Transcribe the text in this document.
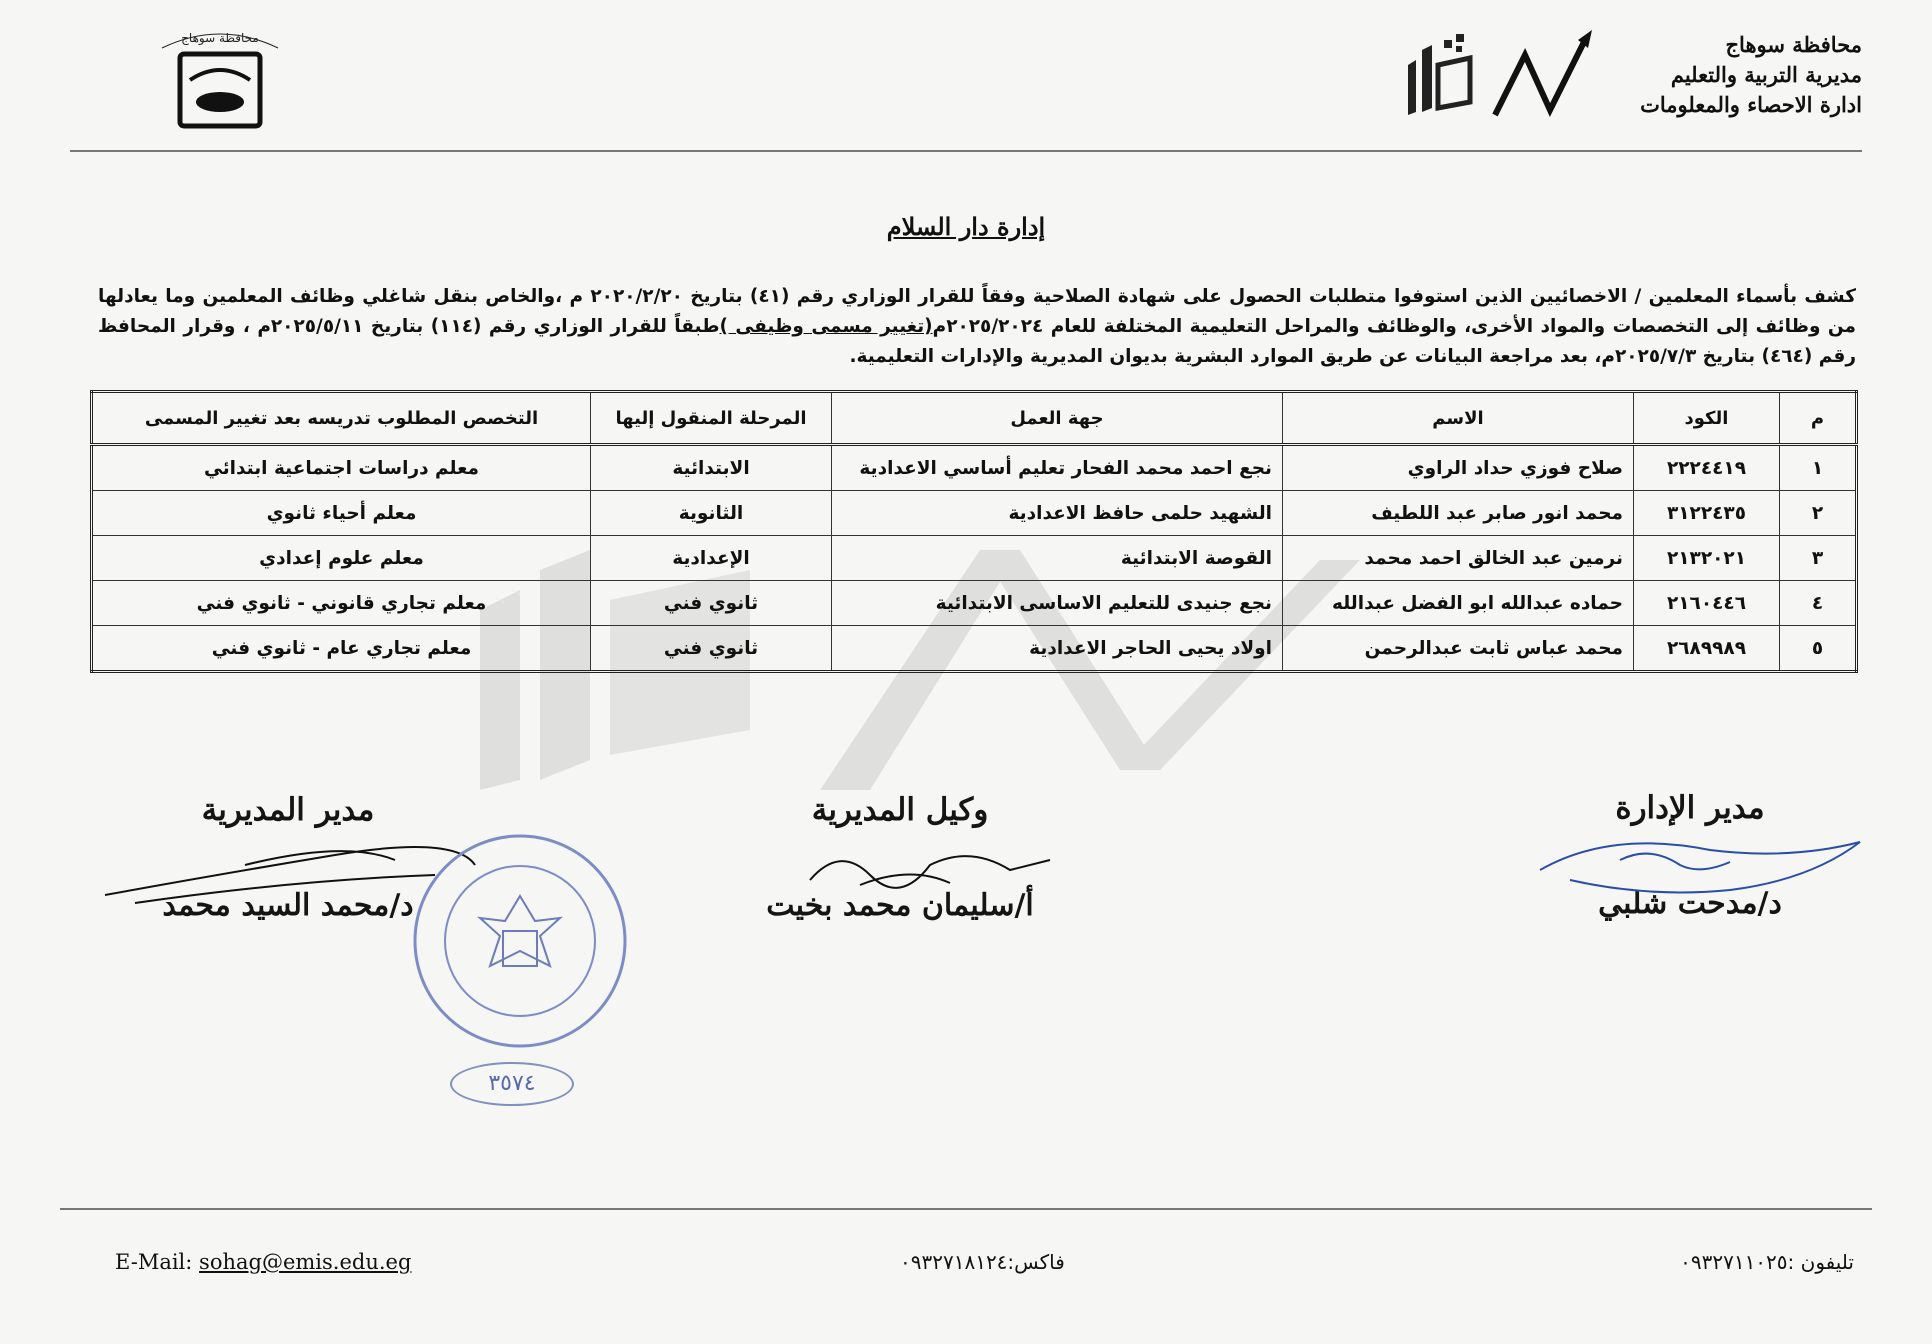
محافظة سوهاج
مديرية التربية والتعليم
ادارة الاحصاء والمعلومات
محافظة سوهاج
إدارة دار السلام
كشف بأسماء المعلمين / الاخصائيين الذين استوفوا متطلبات الحصول على شهادة الصلاحية وفقاً للقرار الوزاري رقم (٤١) بتاريخ ٢٠٢٠/٢/٢٠ م ،والخاص بنقل شاغلي وظائف المعلمين وما يعادلها من وظائف إلى التخصصات والمواد الأخرى، والوظائف والمراحل التعليمية المختلفة للعام ٢٠٢٥/٢٠٢٤م(تغيير مسمى وظيفى )طبقاً للقرار الوزاري رقم (١١٤) بتاريخ ٢٠٢٥/٥/١١م ، وقرار المحافظ رقم (٤٦٤) بتاريخ ٢٠٢٥/٧/٣م، بعد مراجعة البيانات عن طريق الموارد البشرية بديوان المديرية والإدارات التعليمية.
م	الكود	الاسم	جهة العمل	المرحلة المنقول إليها	التخصص المطلوب تدريسه بعد تغيير المسمى
١	٢٢٢٤٤١٩	صلاح فوزي حداد الراوي	نجع احمد محمد الفحار تعليم أساسي الاعدادية	الابتدائية	معلم دراسات اجتماعية ابتدائي
٢	٣١٢٢٤٣٥	محمد انور صابر عبد اللطيف	الشهيد حلمى حافظ الاعدادية	الثانوية	معلم أحياء ثانوي
٣	٢١٣٢٠٢١	نرمين عبد الخالق احمد محمد	القوصة الابتدائية	الإعدادية	معلم علوم إعدادي
٤	٢١٦٠٤٤٦	حماده عبدالله ابو الفضل عبدالله	نجع جنيدى للتعليم الاساسى الابتدائية	ثانوي فني	معلم تجاري قانوني - ثانوي فني
٥	٢٦٨٩٩٨٩	محمد عباس ثابت عبدالرحمن	اولاد يحيى الحاجر الاعدادية	ثانوي فني	معلم تجاري عام - ثانوي فني
مدير المديرية
د/محمد السيد محمد
٣٥٧٤
وكيل المديرية
أ/سليمان محمد بخيت
مدير الإدارة
د/مدحت شلبي
E-Mail: sohag@emis.edu.eg	فاكس:٠٩٣٢٧١٨١٢٤	تليفون :٠٩٣٢٧١١٠٢٥
